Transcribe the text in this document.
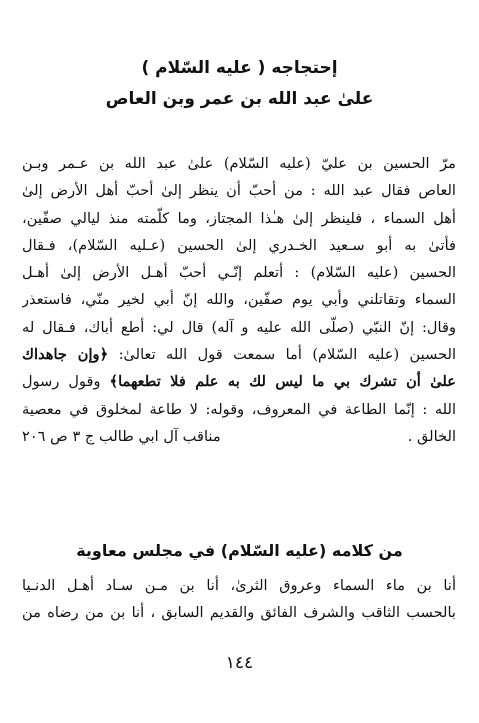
إحتجاجه ( عليه السّلام )
علىٰ عبد الله بن عمر وبن العاص
مرّ الحسين بن عليّ (عليه السّلام) علىٰ عبد الله بن عـمر وبـن
العاص فقال عبد الله : من أحبّ أن ينظر إلىٰ أحبّ أهل الأرض إلىٰ
أهل السماء ، فلينظر إلىٰ هـٰذا المجتاز، وما كلّمته منذ ليالي صفّين،
فأتىٰ به أبو سـعيد الخـدري إلىٰ الحسين (عـليه السّلام)، فـقال
الحسين (عليه السّلام) : أتعلم إنّـي أحبّ أهـل الأرض إلىٰ أهـل
السماء وتقاتلني وأبي يوم صفّين، والله إنّ أبي لخير منّي، فاستعذر
وقال: إنّ النبّي (صلّى الله عليه و آله) قال لي: أطع أباك، فـقال له
الحسين (عليه السّلام) أما سمعت قول الله تعالىٰ: ﴿وإن جاهداك
علىٰ أن تشرك بي ما ليس لك به علم فلا تطعهما﴾ وقول رسول
الله : إنّما الطاعة في المعروف، وقوله: لا طاعة لمخلوق في معصية
الخالق .
مناقب آل ابي طالب ج ٣ ص ٢٠٦
من كلامه (عليه السّلام) في مجلس معاوية
أنا بن ماء السماء وعروق الثرىٰ، أنا بن مـن سـاد أهـل الدنـيا
بالحسب الثاقب والشرف الفائق والقديم السابق ، أنا بن من رضاه من
١٤٤
